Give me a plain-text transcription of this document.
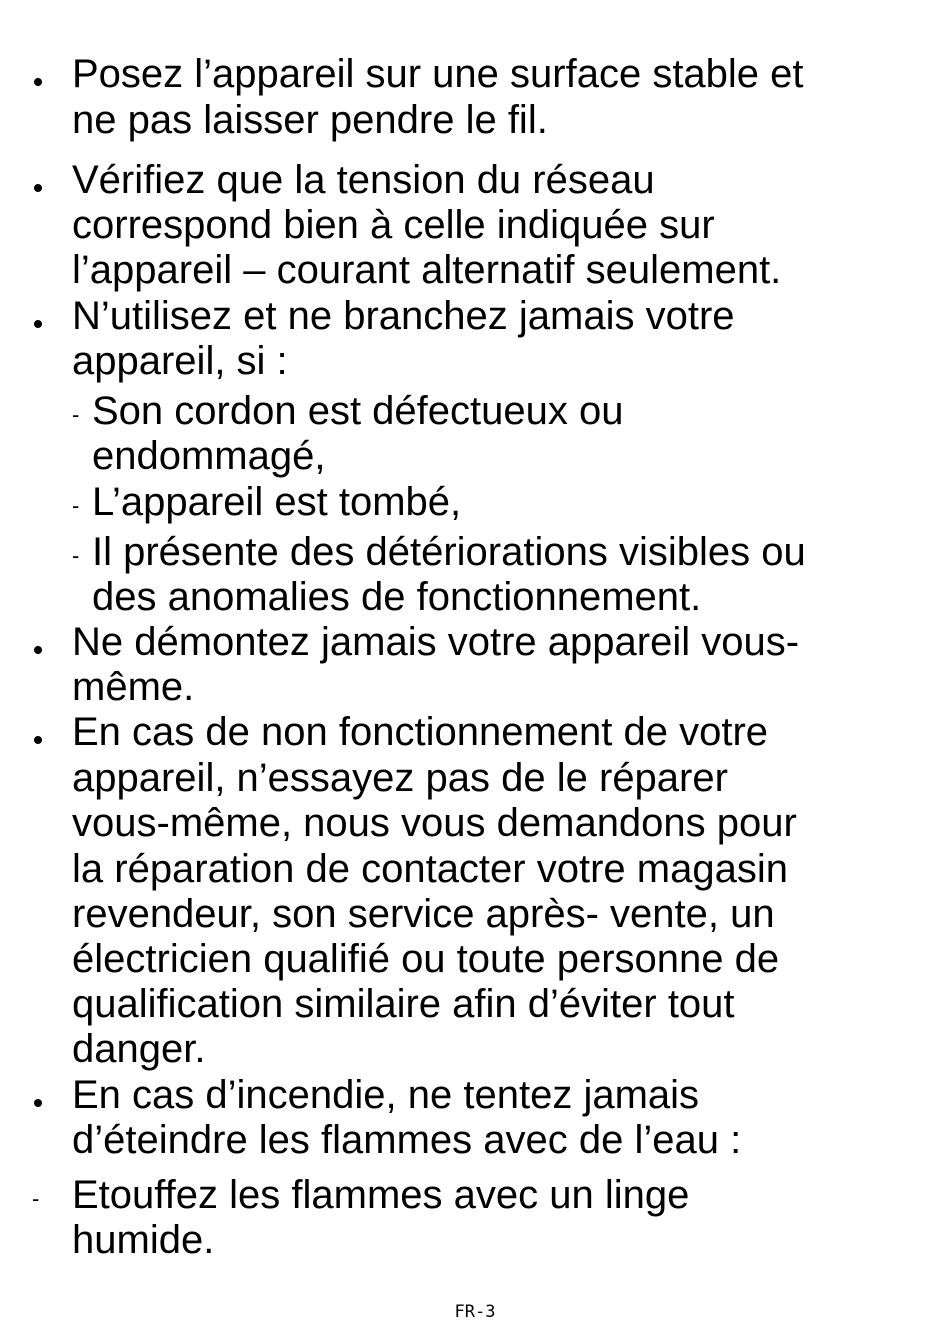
Posez l’appareil sur une surface stable et
ne pas laisser pendre le fil.
Vérifiez que la tension du réseau
correspond bien à celle indiquée sur
l’appareil – courant alternatif seulement.
N’utilisez et ne branchez jamais votre
appareil, si :
- Son cordon est défectueux ou
endommagé,
- L’appareil est tombé,
- Il présente des détériorations visibles ou
des anomalies de fonctionnement.
Ne démontez jamais votre appareil vous-
même.
En cas de non fonctionnement de votre
appareil, n’essayez pas de le réparer
vous-même, nous vous demandons pour
la réparation de contacter votre magasin
revendeur, son service après- vente, un
électricien qualifié ou toute personne de
qualification similaire afin d’éviter tout
danger.
En cas d’incendie, ne tentez jamais
d’éteindre les flammes avec de l’eau :
- Etouffez les flammes avec un linge
humide.
FR-3
